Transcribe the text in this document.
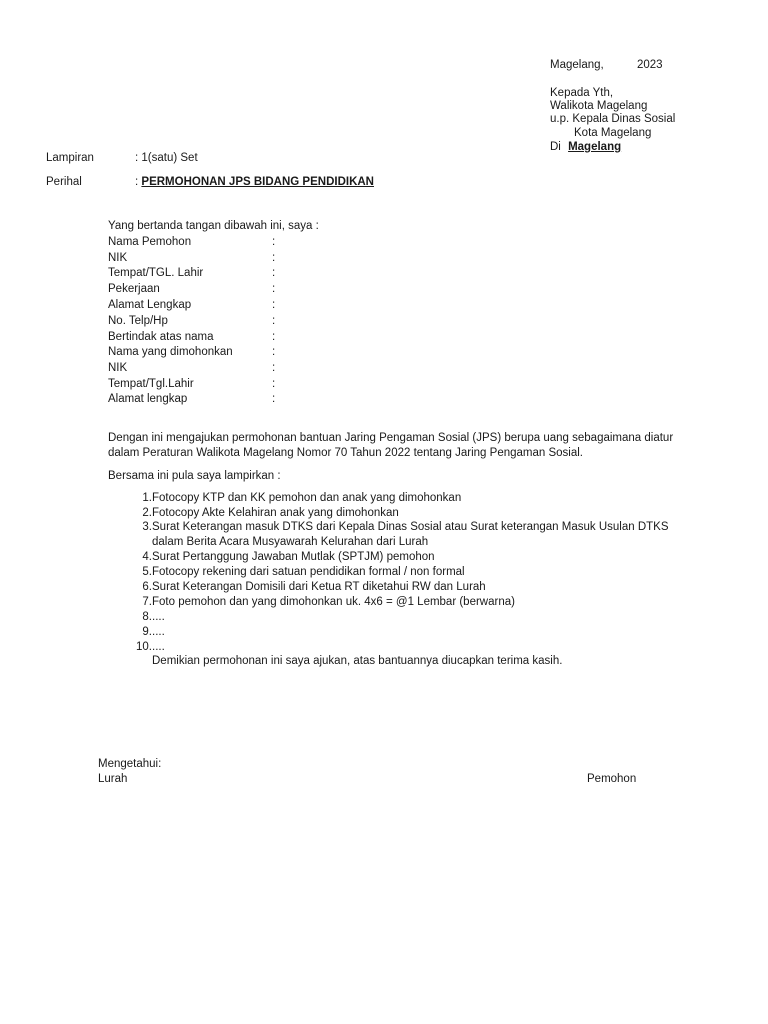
Magelang,	2023
Kepada Yth,
Walikota Magelang
u.p. Kepala Dinas Sosial
Kota Magelang
Di Magelang
Lampiran	: 1(satu) Set
Perihal	: PERMOHONAN JPS BIDANG PENDIDIKAN
Yang bertanda tangan dibawah ini, saya :
Nama Pemohon	:
NIK	:
Tempat/TGL. Lahir	:
Pekerjaan	:
Alamat Lengkap	:
No. Telp/Hp	:
Bertindak atas nama	:
Nama yang dimohonkan	:
NIK	:
Tempat/Tgl.Lahir	:
Alamat lengkap	:
Dengan ini mengajukan permohonan bantuan Jaring Pengaman Sosial (JPS) berupa uang sebagaimana diatur
dalam Peraturan Walikota Magelang Nomor 70 Tahun 2022 tentang Jaring Pengaman Sosial.
Bersama ini pula saya lampirkan :
1. Fotocopy KTP dan KK pemohon dan anak yang dimohonkan
2. Fotocopy Akte Kelahiran anak yang dimohonkan
3. Surat Keterangan masuk DTKS dari Kepala Dinas Sosial atau Surat keterangan Masuk Usulan DTKS
dalam Berita Acara Musyawarah Kelurahan dari Lurah
4. Surat Pertanggung Jawaban Mutlak (SPTJM) pemohon
5. Fotocopy rekening dari satuan pendidikan formal / non formal
6. Surat Keterangan Domisili dari Ketua RT diketahui RW dan Lurah
7. Foto pemohon dan yang dimohonkan uk. 4x6 = @1 Lembar (berwarna)
8. ....
9. ....
10. ....
Demikian permohonan ini saya ajukan, atas bantuannya diucapkan terima kasih.
Mengetahui:
Lurah	Pemohon
